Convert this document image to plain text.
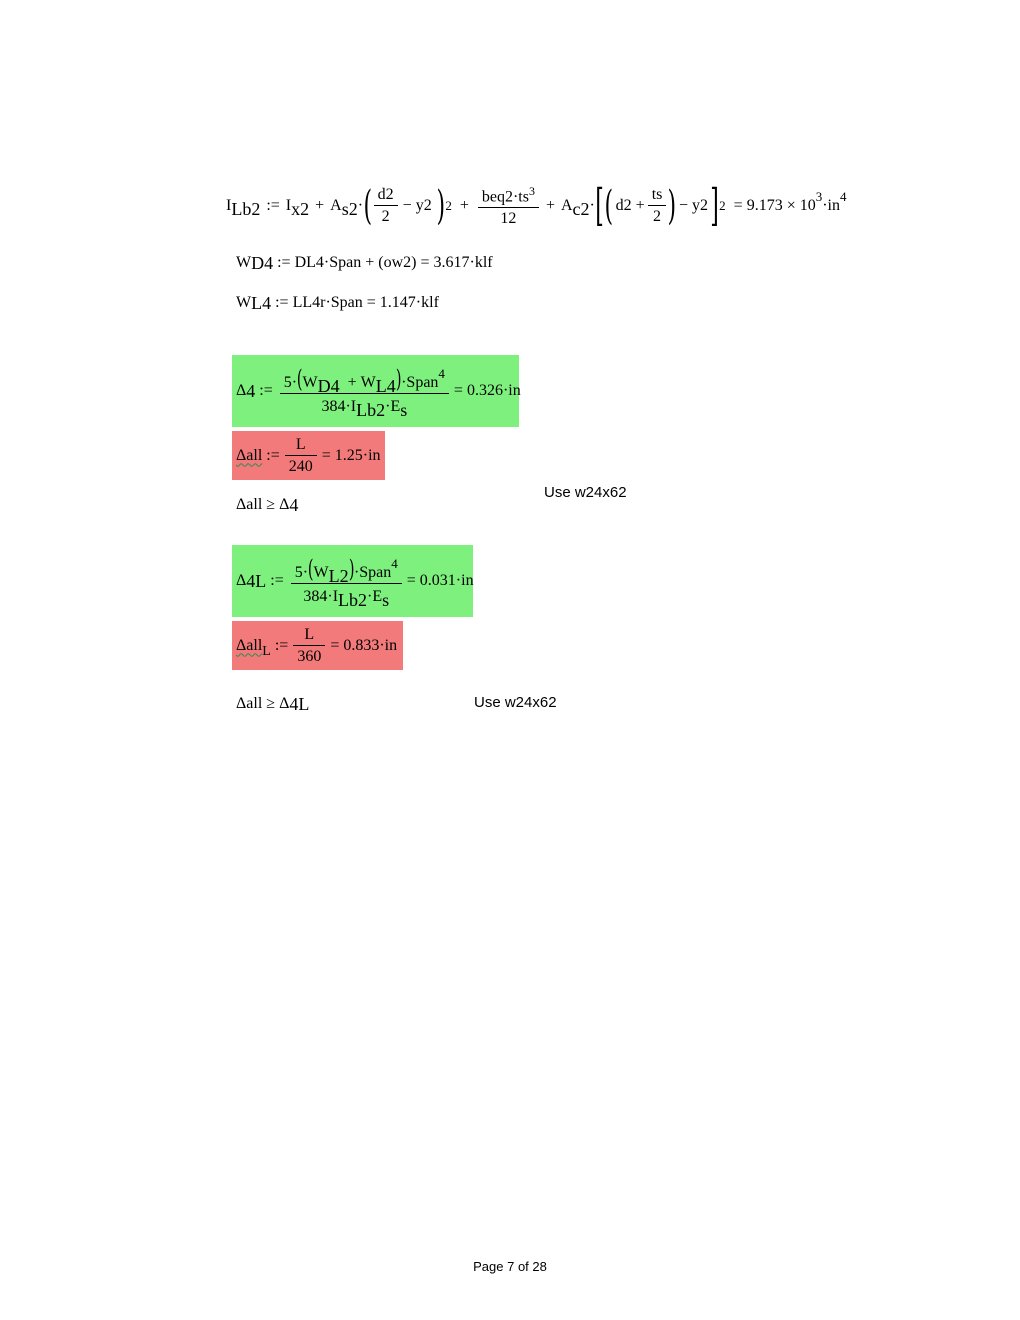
$I_{Lb2}$ := $I_{x2} + A_{s2}\cdot$ ( $\frac{d2}{2} - y2$ ) $2 + \frac{beq2\cdot ts^3}{12} + A_{c2}\cdot$ [ ( $d2 + \frac{ts}{2}$ ) − y2 ] $2 = 9.173 \times 10^3\cdot in^4$
W D4 := DL4·Span + (ow2) = 3.617·klf
W L4 := LL4r·Span = 1.147·klf
Δ 4 := $\frac{5\cdot(W_{D4} + W_{L4})\cdot Span^4}{384\cdot I_{Lb2}\cdot E_s} = 0.326\cdot in$
Δall := $\frac{L}{240} = 1.25\cdot in$
Δall ≥ Δ 4
Use w24x62
Δ 4L := $\frac{5\cdot(W_{L2})\cdot Span^4}{384\cdot I_{Lb2}\cdot E_s} = 0.031\cdot in$
Δall$_L$ := $\frac{L}{360} = 0.833\cdot in$
Δall ≥ Δ 4L	Use w24x62
Page 7 of 28
